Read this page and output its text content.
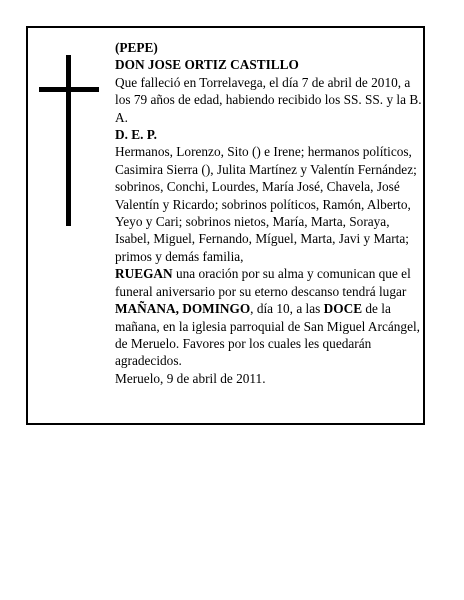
(PEPE)

DON JOSE ORTIZ CASTILLO

Que falleció en Torrelavega, el día 7 de abril de 2010, a los 79 años de edad, habiendo recibido los SS. SS. y la B. A.

D. E. P.

Hermanos, Lorenzo, Sito () e Irene; hermanos políticos, Casimira Sierra (), Julita Martínez y Valentín Fernández; sobrinos, Conchi, Lourdes, María José, Chavela, José Valentín y Ricardo; sobrinos políticos, Ramón, Alberto, Yeyo y Cari; sobrinos nietos, María, Marta, Soraya, Isabel, Miguel, Fernando, Míguel, Marta, Javi y Marta; primos y demás familia,

RUEGAN una oración por su alma y comunican que el funeral aniversario por su eterno descanso tendrá lugar MAÑANA, DOMINGO, día 10, a las DOCE de la mañana, en la iglesia parroquial de San Miguel Arcángel, de Meruelo. Favores por los cuales les quedarán agradecidos.

Meruelo, 9 de abril de 2011.
